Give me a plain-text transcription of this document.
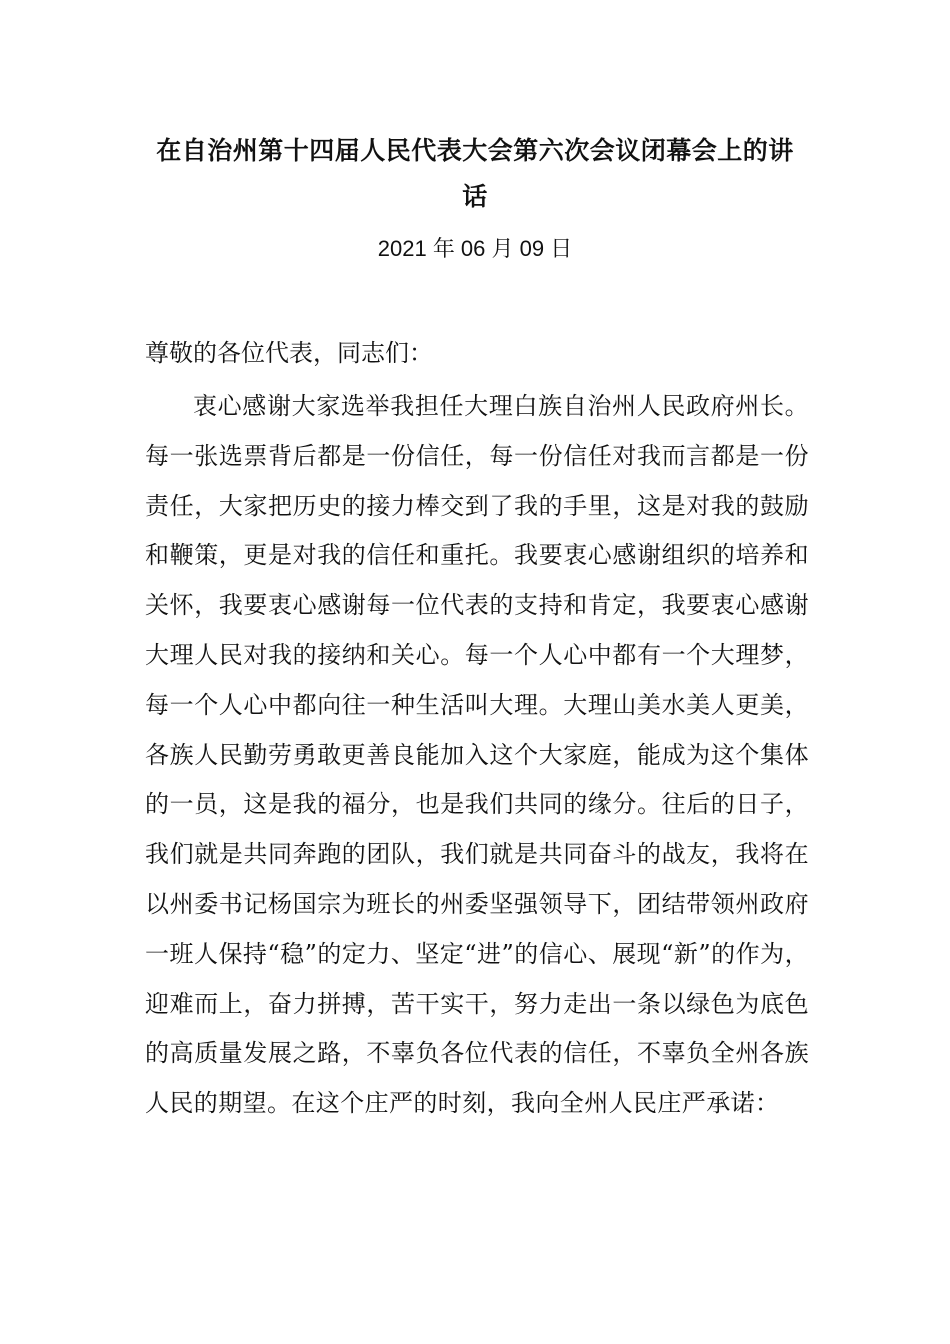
在自治州第十四届人民代表大会第六次会议闭幕会上的讲话

2021 年 06 月 09 日

尊敬的各位代表，同志们：

衷心感谢大家选举我担任大理白族自治州人民政府州长。每一张选票背后都是一份信任，每一份信任对我而言都是一份责任，大家把历史的接力棒交到了我的手里，这是对我的鼓励和鞭策，更是对我的信任和重托。我要衷心感谢组织的培养和关怀，我要衷心感谢每一位代表的支持和肯定，我要衷心感谢大理人民对我的接纳和关心。每一个人心中都有一个大理梦，每一个人心中都向往一种生活叫大理。大理山美水美人更美，各族人民勤劳勇敢更善良能加入这个大家庭，能成为这个集体的一员，这是我的福分，也是我们共同的缘分。往后的日子，我们就是共同奔跑的团队，我们就是共同奋斗的战友，我将在以州委书记杨国宗为班长的州委坚强领导下，团结带领州政府一班人保持“稳”的定力、坚定“进”的信心、展现“新”的作为，迎难而上，奋力拼搏，苦干实干，努力走出一条以绿色为底色的高质量发展之路，不辜负各位代表的信任，不辜负全州各族人民的期望。在这个庄严的时刻，我向全州人民庄严承诺：
